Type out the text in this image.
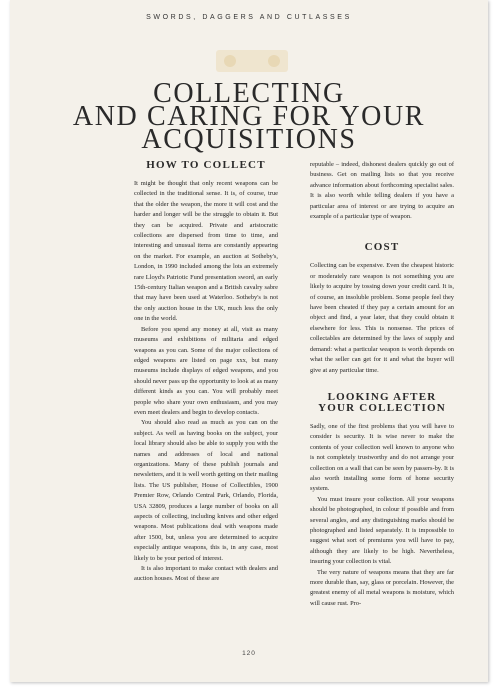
SWORDS, DAGGERS AND CUTLASSES
COLLECTING
AND CARING FOR YOUR
ACQUISITIONS
HOW TO COLLECT

It might be thought that only recent weapons can be collected in the traditional sense. It is, of course, true that the older the weapon, the more it will cost and the harder and longer will be the struggle to obtain it. But they can be acquired. Private and aristocratic collections are dispersed from time to time, and interesting and unusual items are constantly appearing on the market. For example, an auction at Sotheby's, London, in 1990 included among the lots an extremely rare Lloyd's Patriotic Fund presentation sword, an early 15th-century Italian weapon and a British cavalry sabre that may have been used at Waterloo. Sotheby's is not the only auction house in the UK, much less the only one in the world.

Before you spend any money at all, visit as many museums and exhibitions of militaria and edged weapons as you can. Some of the major collections of edged weapons are listed on page xxx, but many museums include displays of edged weapons, and you should never pass up the opportunity to look at as many different kinds as you can. You will probably meet people who share your own enthusiasm, and you may even meet dealers and begin to develop contacts.

You should also read as much as you can on the subject. As well as having books on the subject, your local library should also be able to supply you with the names and addresses of local and national organizations. Many of these publish journals and newsletters, and it is well worth getting on their mailing lists. The US publisher, House of Collectibles, 1900 Premier Row, Orlando Central Park, Orlando, Florida, USA 32809, produces a large number of books on all aspects of collecting, including knives and other edged weapons. Most publications deal with weapons made after 1500, but, unless you are determined to acquire especially antique weapons, this is, in any case, most likely to be your period of interest.

It is also important to make contact with dealers and auction houses. Most of these are

reputable – indeed, dishonest dealers quickly go out of business. Get on mailing lists so that you receive advance information about forthcoming specialist sales. It is also worth while telling dealers if you have a particular area of interest or are trying to acquire an example of a particular type of weapon.

COST

Collecting can be expensive. Even the cheapest historic or moderately rare weapon is not something you are likely to acquire by tossing down your credit card. It is, of course, an insoluble problem. Some people feel they have been cheated if they pay a certain amount for an object and find, a year later, that they could obtain it elsewhere for less. This is nonsense. The prices of collectables are determined by the laws of supply and demand: what a particular weapon is worth depends on what the seller can get for it and what the buyer will give at any particular time.

LOOKING AFTER
YOUR COLLECTION

Sadly, one of the first problems that you will have to consider is security. It is wise never to make the contents of your collection well known to anyone who is not completely trustworthy and do not arrange your collection on a wall that can be seen by passers-by. It is also worth installing some form of home security system.

You must insure your collection. All your weapons should be photographed, in colour if possible and from several angles, and any distinguishing marks should be photographed and listed separately. It is impossible to suggest what sort of premiums you will have to pay, although they are likely to be high. Nevertheless, insuring your collection is vital.

The very nature of weapons means that they are far more durable than, say, glass or porcelain. However, the greatest enemy of all metal weapons is moisture, which will cause rust. Pro-

120
